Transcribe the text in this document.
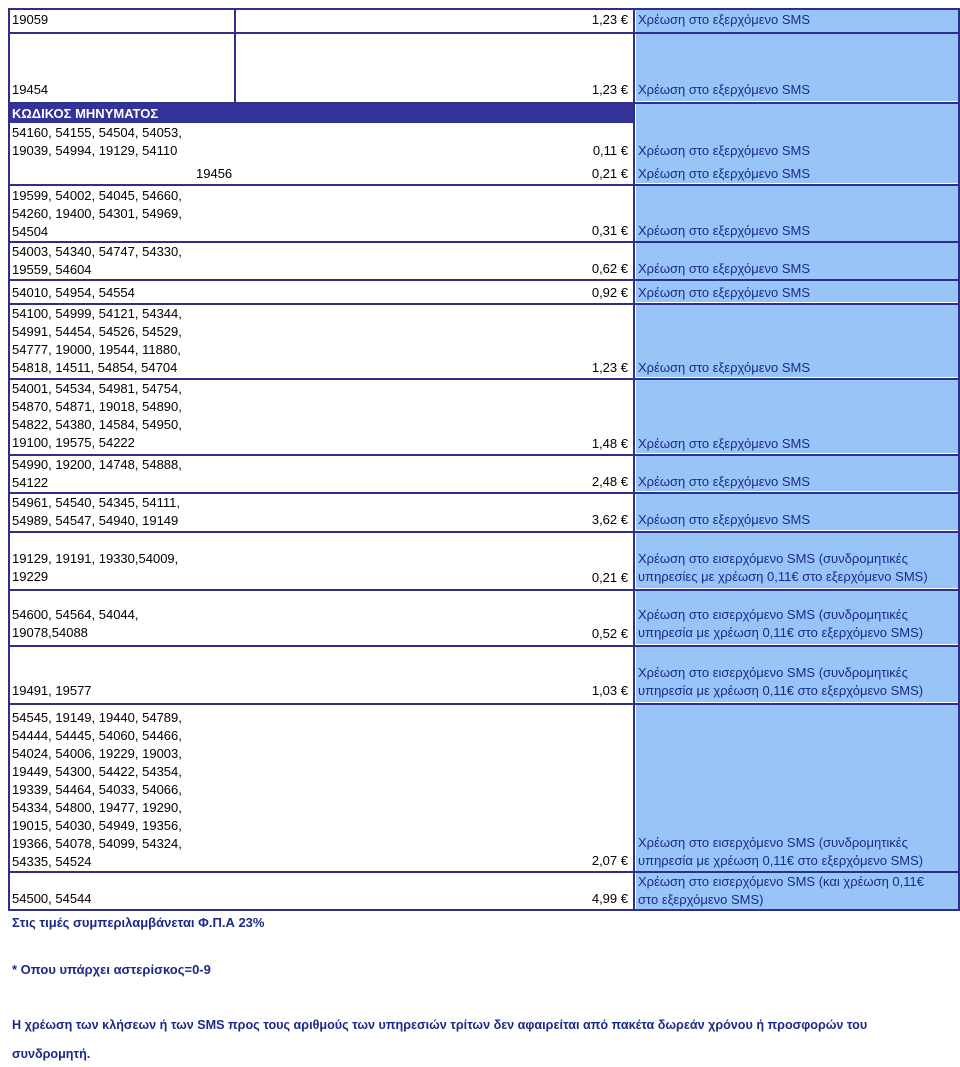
ΚΩΔΙΚΟΣ ΜΗΝΥΜΑΤΟΣ
19059	1,23 € Χρέωση στο εξερχόμενο SMS
19454	1,23 € Χρέωση στο εξερχόμενο SMS
54160, 54155, 54504, 54053,
19039, 54994, 19129, 54110	0,11 € Χρέωση στο εξερχόμενο SMS
19456	0,21 € Χρέωση στο εξερχόμενο SMS
19599, 54002, 54045, 54660,
54260, 19400, 54301, 54969,
54504	0,31 € Χρέωση στο εξερχόμενο SMS
54003, 54340, 54747, 54330,
19559, 54604	0,62 € Χρέωση στο εξερχόμενο SMS
54010, 54954, 54554	0,92 € Χρέωση στο εξερχόμενο SMS
54100, 54999, 54121, 54344,
54991, 54454, 54526, 54529,
54777, 19000, 19544, 11880,
54818, 14511, 54854, 54704	1,23 € Χρέωση στο εξερχόμενο SMS
54001, 54534, 54981, 54754,
54870, 54871, 19018, 54890,
54822, 54380, 14584, 54950,
19100, 19575, 54222	1,48 € Χρέωση στο εξερχόμενο SMS
54990, 19200, 14748, 54888,
54122	2,48 € Χρέωση στο εξερχόμενο SMS
54961, 54540, 54345, 54111,
54989, 54547, 54940, 19149	3,62 € Χρέωση στο εξερχόμενο SMS
19129, 19191, 19330,54009,
19229	0,21 €
Χρέωση στο εισερχόμενο SMS (συνδρομητικές
υπηρεσίες με χρέωση 0,11€ στο εξερχόμενο SMS)
54600, 54564, 54044,
19078,54088	0,52 €
Χρέωση στο εισερχόμενο SMS (συνδρομητικές
υπηρεσία με χρέωση 0,11€ στο εξερχόμενο SMS)
19491, 19577	1,03 €
Χρέωση στο εισερχόμενο SMS (συνδρομητικές
υπηρεσία με χρέωση 0,11€ στο εξερχόμενο SMS)
54545, 19149, 19440, 54789,
54444, 54445, 54060, 54466,
54024, 54006, 19229, 19003,
19449, 54300, 54422, 54354,
19339, 54464, 54033, 54066,
54334, 54800, 19477, 19290,
19015, 54030, 54949, 19356,
19366, 54078, 54099, 54324,
54335, 54524	2,07 €
Χρέωση στο εισερχόμενο SMS (συνδρομητικές
υπηρεσία με χρέωση 0,11€ στο εξερχόμενο SMS)
54500, 54544	4,99 €
Χρέωση στο εισερχόμενο SMS (και χρέωση 0,11€
στο εξερχόμενο SMS)
Στις τιμές συμπεριλαμβάνεται Φ.Π.Α 23%
* Οπου υπάρχει αστερίσκος=0-9
Η χρέωση των κλήσεων ή των SMS προς τους αριθμούς των υπηρεσιών τρίτων δεν αφαιρείται από πακέτα δωρεάν χρόνου ή προσφορών του
συνδρομητή.
